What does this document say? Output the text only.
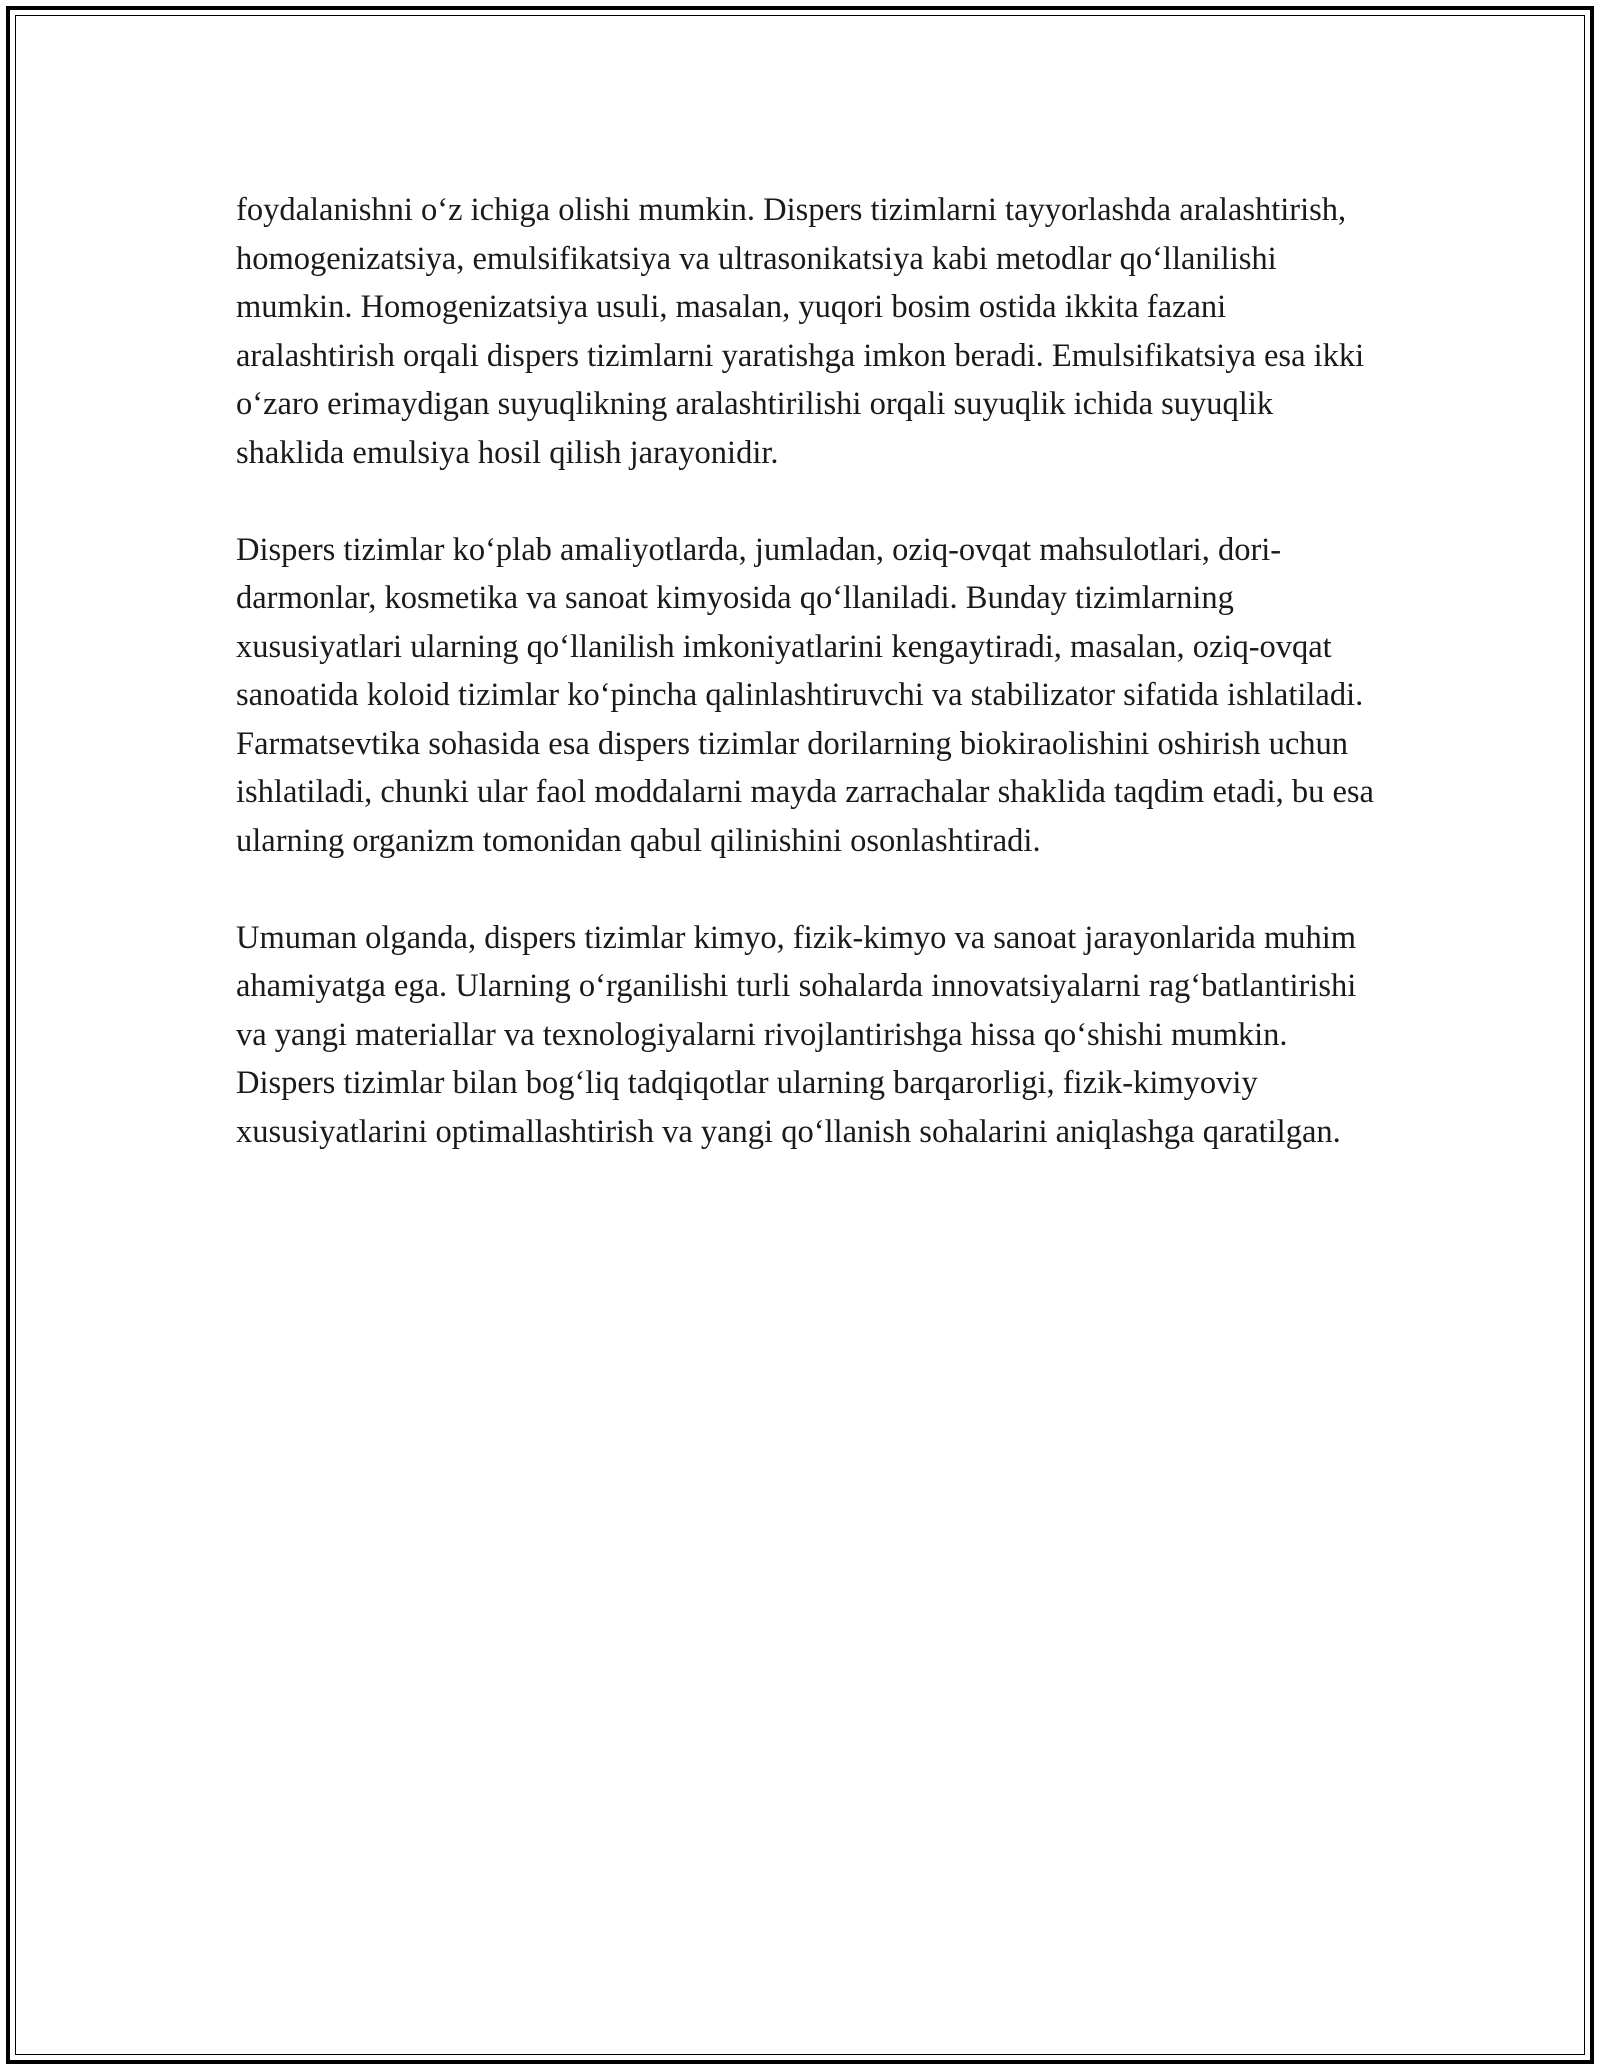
foydalanishni o‘z ichiga olishi mumkin. Dispers tizimlarni tayyorlashda aralashtirish, homogenizatsiya, emulsifikatsiya va ultrasonikatsiya kabi metodlar qo‘llanilishi mumkin. Homogenizatsiya usuli, masalan, yuqori bosim ostida ikkita fazani aralashtirish orqali dispers tizimlarni yaratishga imkon beradi. Emulsifikatsiya esa ikki o‘zaro erimaydigan suyuqlikning aralashtirilishi orqali suyuqlik ichida suyuqlik shaklida emulsiya hosil qilish jarayonidir.

Dispers tizimlar ko‘plab amaliyotlarda, jumladan, oziq-ovqat mahsulotlari, dori-darmonlar, kosmetika va sanoat kimyosida qo‘llaniladi. Bunday tizimlarning xususiyatlari ularning qo‘llanilish imkoniyatlarini kengaytiradi, masalan, oziq-ovqat sanoatida koloid tizimlar ko‘pincha qalinlashtiruvchi va stabilizator sifatida ishlatiladi. Farmatsevtika sohasida esa dispers tizimlar dorilarning biokiraolishini oshirish uchun ishlatiladi, chunki ular faol moddalarni mayda zarrachalar shaklida taqdim etadi, bu esa ularning organizm tomonidan qabul qilinishini osonlashtiradi.

Umuman olganda, dispers tizimlar kimyo, fizik-kimyo va sanoat jarayonlarida muhim ahamiyatga ega. Ularning o‘rganilishi turli sohalarda innovatsiyalarni rag‘batlantirishi va yangi materiallar va texnologiyalarni rivojlantirishga hissa qo‘shishi mumkin. Dispers tizimlar bilan bog‘liq tadqiqotlar ularning barqarorligi, fizik-kimyoviy xususiyatlarini optimallashtirish va yangi qo‘llanish sohalarini aniqlashga qaratilgan.
